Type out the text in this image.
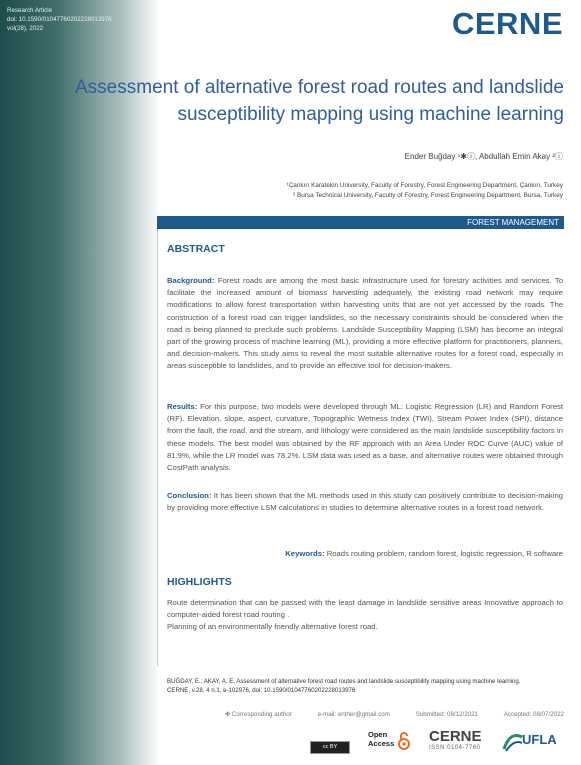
Research Article
doi: 10.1590/01047760202228013976
vol(28), 2022	CERNE
Assessment of alternative forest road routes and landslide
susceptibility mapping using machine learning
Ender Buğday ¹✱ⓘ, Abdullah Emin Akay ²ⓘ
¹Çankırı Karatekin University, Faculty of Forestry, Forest Engineering Department, Çankırı, Turkey
² Bursa Technical University, Faculty of Forestry, Forest Engineering Department, Bursa, Turkey
FOREST MANAGEMENT
ABSTRACT
Background: Forest roads are among the most basic infrastructure used for forestry activities and services. To facilitate the increased amount of biomass harvesting adequately, the existing road network may require modifications to allow forest transportation within harvesting units that are not yet accessed by the roads. The construction of a forest road can trigger landslides, so the necessary constraints should be considered when the road is being planned to preclude such problems. Landslide Susceptibility Mapping (LSM) has become an integral part of the growing process of machine learning (ML), providing a more effective platform for practitioners, planners, and decision-makers. This study aims to reveal the most suitable alternative routes for a forest road, especially in areas susceptible to landslides, and to provide an effective tool for decision-makers.
Results: For this purpose, two models were developed through ML: Logistic Regression (LR) and Random Forest (RF). Elevation, slope, aspect, curvature, Topographic Wetness Index (TWI), Stream Power Index (SPI), distance from the fault, the road, and the stream, and lithology were considered as the main landslide susceptibility factors in these models. The best model was obtained by the RF approach with an Area Under ROC Curve (AUC) value of 81.9%, while the LR model was 78.2%. LSM data was used as a base, and alternative routes were obtained through CostPath analysis.
Conclusion: It has been shown that the ML methods used in this study can positively contribute to decision-making by providing more effective LSM calculations in studies to determine alternative routes in a forest road network.
Keywords: Roads routing problem, random forest, logistic regression, R software
HIGHLIGHTS
Route determination that can be passed with the least damage in landslide sensitive areas Innovative approach to computer-aided forest road routing .
Planning of an environmentally friendly alternative forest road.
BUĞDAY, E.; AKAY, A. E. Assessment of alternative forest road routes and landslide susceptibility mapping using machine learning.
CERNE, v.28, 4 n.1, e-102976, doi: 10.1590/01047760202228013976
✤ Corresponding author	e-mail: enther@gmail.com	Submitted: 08/12/2021	Accepted: 08/07/2022
cc BY
Open
Access CERNE
ISSN 0104-7760
UFLA
